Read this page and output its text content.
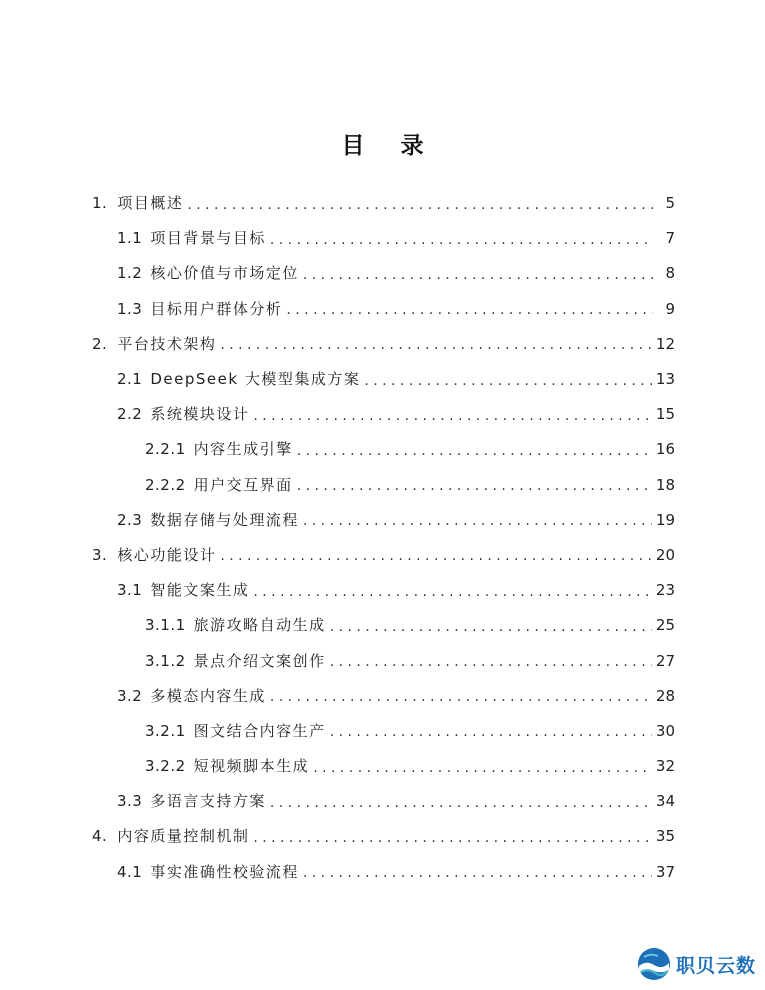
目录
1. 项目概述 . . .	5
1.1 项目背景与目标 . . .	7
1.2 核心价值与市场定位 . . .	8
1.3 目标用户群体分析 . . .	9
2. 平台技术架构 . . .	12
2.1 DeepSeek 大模型集成方案 . . .	13
2.2 系统模块设计 . . .	15
2.2.1 内容生成引擎 . . .	16
2.2.2 用户交互界面 . . .	18
2.3 数据存储与处理流程 . . .	19
3. 核心功能设计 . . .	20
3.1 智能文案生成 . . .	23
3.1.1 旅游攻略自动生成 . . .	25
3.1.2 景点介绍文案创作 . . .	27
3.2 多模态内容生成 . . .	28
3.2.1 图文结合内容生产 . . .	30
3.2.2 短视频脚本生成 . . .	32
3.3 多语言支持方案 . . .	34
4. 内容质量控制机制 . . .	35
4.1 事实准确性校验流程 . . .	37
职贝云数
